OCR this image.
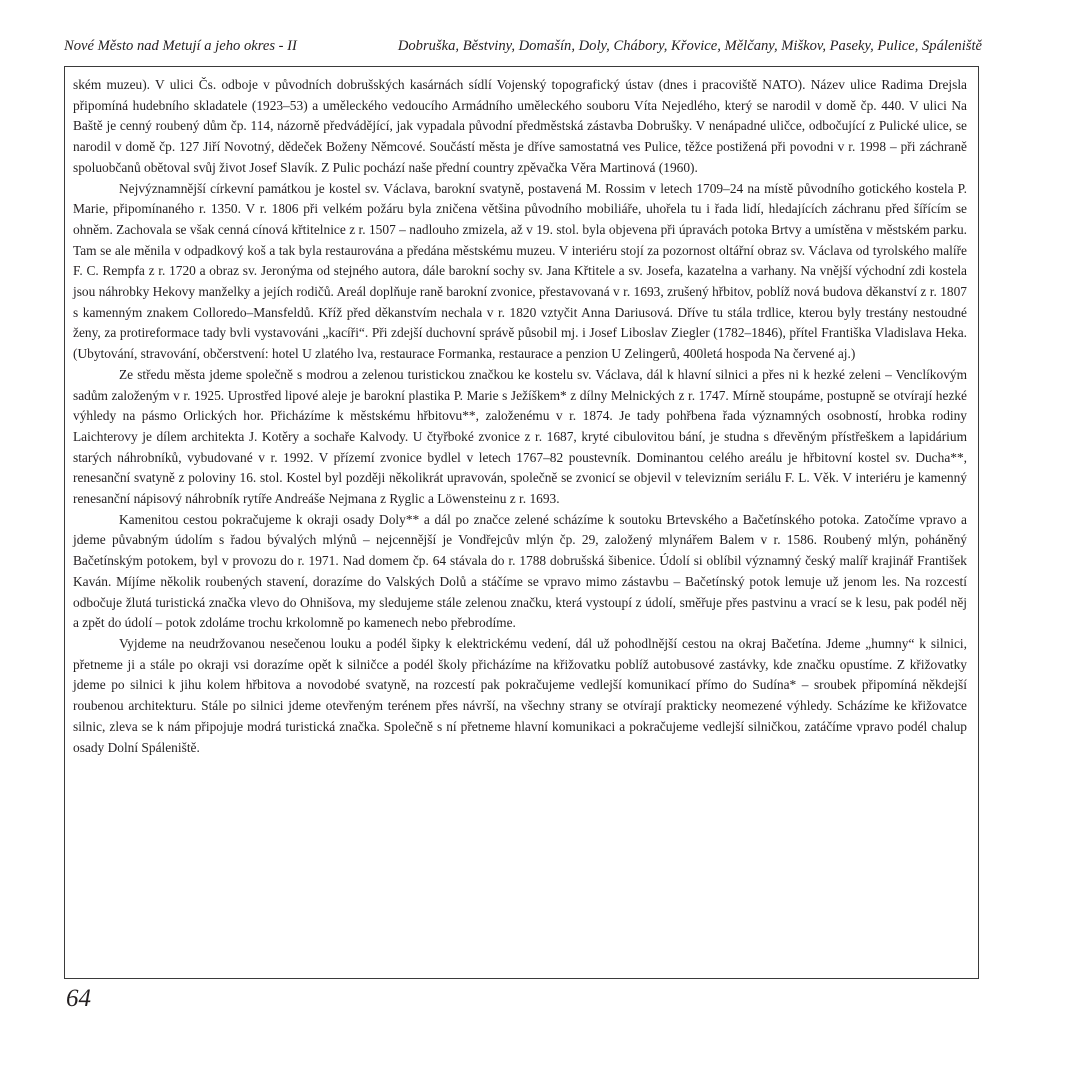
Nové Město nad Metují a jeho okres - II	Dobruška, Běstviny, Domašín, Doly, Chábory, Křovice, Mělčany, Miškov, Paseky, Pulice, Spáleniště

ském muzeu). V ulici Čs. odboje v původních dobrušských kasárnách sídlí Vojenský topografický ústav (dnes i pracoviště NATO). Název ulice Radima Drejsla připomíná hudebního skladatele (1923–53) a uměleckého vedoucího Armádního uměleckého souboru Víta Nejedlého, který se narodil v domě čp. 440. V ulici Na Baště je cenný roubený dům čp. 114, názorně předvádějící, jak vypadala původní předměstská zástavba Dobrušky. V nenápadné uličce, odbočující z Pulické ulice, se narodil v domě čp. 127 Jiří Novotný, dědeček Boženy Němcové. Součástí města je dříve samostatná ves Pulice, těžce postižená při povodni v r. 1998 – při záchraně spoluobčanů obětoval svůj život Josef Slavík. Z Pulic pochází naše přední country zpěvačka Věra Martinová (1960).

Nejvýznamnější církevní památkou je kostel sv. Václava, barokní svatyně, postavená M. Rossim v letech 1709–24 na místě původního gotického kostela P. Marie, připomínaného r. 1350. V r. 1806 při velkém požáru byla zničena většina původního mobiliáře, uhořela tu i řada lidí, hledajících záchranu před šířícím se ohněm. Zachovala se však cenná cínová křtitelnice z r. 1507 – nadlouho zmizela, až v 19. stol. byla objevena při úpravách potoka Brtvy a umístěna v městském parku. Tam se ale měnila v odpadkový koš a tak byla restaurována a předána městskému muzeu. V interiéru stojí za pozornost oltářní obraz sv. Václava od tyrolského malíře F. C. Rempfa z r. 1720 a obraz sv. Jeronýma od stejného autora, dále barokní sochy sv. Jana Křtitele a sv. Josefa, kazatelna a varhany. Na vnější východní zdi kostela jsou náhrobky Hekovy manželky a jejích rodičů. Areál doplňuje raně barokní zvonice, přestavovaná v r. 1693, zrušený hřbitov, poblíž nová budova děkanství z r. 1807 s kamenným znakem Colloredo–Mansfeldů. Kříž před děkanstvím nechala v r. 1820 vztyčit Anna Dariusová. Dříve tu stála trdlice, kterou byly trestány nestoudné ženy, za protireformace tady bvli vystavováni „kacíři“. Při zdejší duchovní správě působil mj. i Josef Liboslav Ziegler (1782–1846), přítel Františka Vladislava Heka. (Ubytování, stravování, občerstvení: hotel U zlatého lva, restaurace Formanka, restaurace a penzion U Zelingerů, 400letá hospoda Na červené aj.)

Ze středu města jdeme společně s modrou a zelenou turistickou značkou ke kostelu sv. Václava, dál k hlavní silnici a přes ni k hezké zeleni – Venclíkovým sadům založeným v r. 1925. Uprostřed lipové aleje je barokní plastika P. Marie s Ježíškem* z dílny Melnických z r. 1747. Mírně stoupáme, postupně se otvírají hezké výhledy na pásmo Orlických hor. Přicházíme k městskému hřbitovu**, založenému v r. 1874. Je tady pohřbena řada významných osobností, hrobka rodiny Laichterovy je dílem architekta J. Kotěry a sochaře Kalvody. U čtyřboké zvonice z r. 1687, kryté cibulovitou bání, je studna s dřevěným přístřeškem a lapidárium starých náhrobníků, vybudované v r. 1992. V přízemí zvonice bydlel v letech 1767–82 poustevník. Dominantou celého areálu je hřbitovní kostel sv. Ducha**, renesanční svatyně z poloviny 16. stol. Kostel byl později několikrát upravován, společně se zvonicí se objevil v televizním seriálu F. L. Věk. V interiéru je kamenný renesanční nápisový náhrobník rytíře Andreáše Nejmana z Ryglic a Löwensteinu z r. 1693.

Kamenitou cestou pokračujeme k okraji osady Doly** a dál po značce zelené scházíme k soutoku Brtevského a Bačetínského potoka. Zatočíme vpravo a jdeme půvabným údolím s řadou bývalých mlýnů – nejcennější je Vondřejcův mlýn čp. 29, založený mlynářem Balem v r. 1586. Roubený mlýn, poháněný Bačetínským potokem, byl v provozu do r. 1971. Nad domem čp. 64 stávala do r. 1788 dobrušská šibenice. Údolí si oblíbil významný český malíř krajinář František Kaván. Míjíme několik roubených stavení, dorazíme do Valských Dolů a stáčíme se vpravo mimo zástavbu – Bačetínský potok lemuje už jenom les. Na rozcestí odbočuje žlutá turistická značka vlevo do Ohnišova, my sledujeme stále zelenou značku, která vystoupí z údolí, směřuje přes pastvinu a vrací se k lesu, pak podél něj a zpět do údolí – potok zdoláme trochu krkolomně po kamenech nebo přebrodíme.

Vyjdeme na neudržovanou nesečenou louku a podél šipky k elektrickému vedení, dál už pohodlnější cestou na okraj Bačetína. Jdeme „humny“ k silnici, přetneme ji a stále po okraji vsi dorazíme opět k silničce a podél školy přicházíme na křižovatku poblíž autobusové zastávky, kde značku opustíme. Z křižovatky jdeme po silnici k jihu kolem hřbitova a novodobé svatyně, na rozcestí pak pokračujeme vedlejší komunikací přímo do Sudína* – sroubek připomíná někdejší roubenou architekturu. Stále po silnici jdeme otevřeným terénem přes návrší, na všechny strany se otvírají prakticky neomezené výhledy. Scházíme ke křižovatce silnic, zleva se k nám připojuje modrá turistická značka. Společně s ní přetneme hlavní komunikaci a pokračujeme vedlejší silničkou, zatáčíme vpravo podél chalup osady Dolní Spáleniště.

64
